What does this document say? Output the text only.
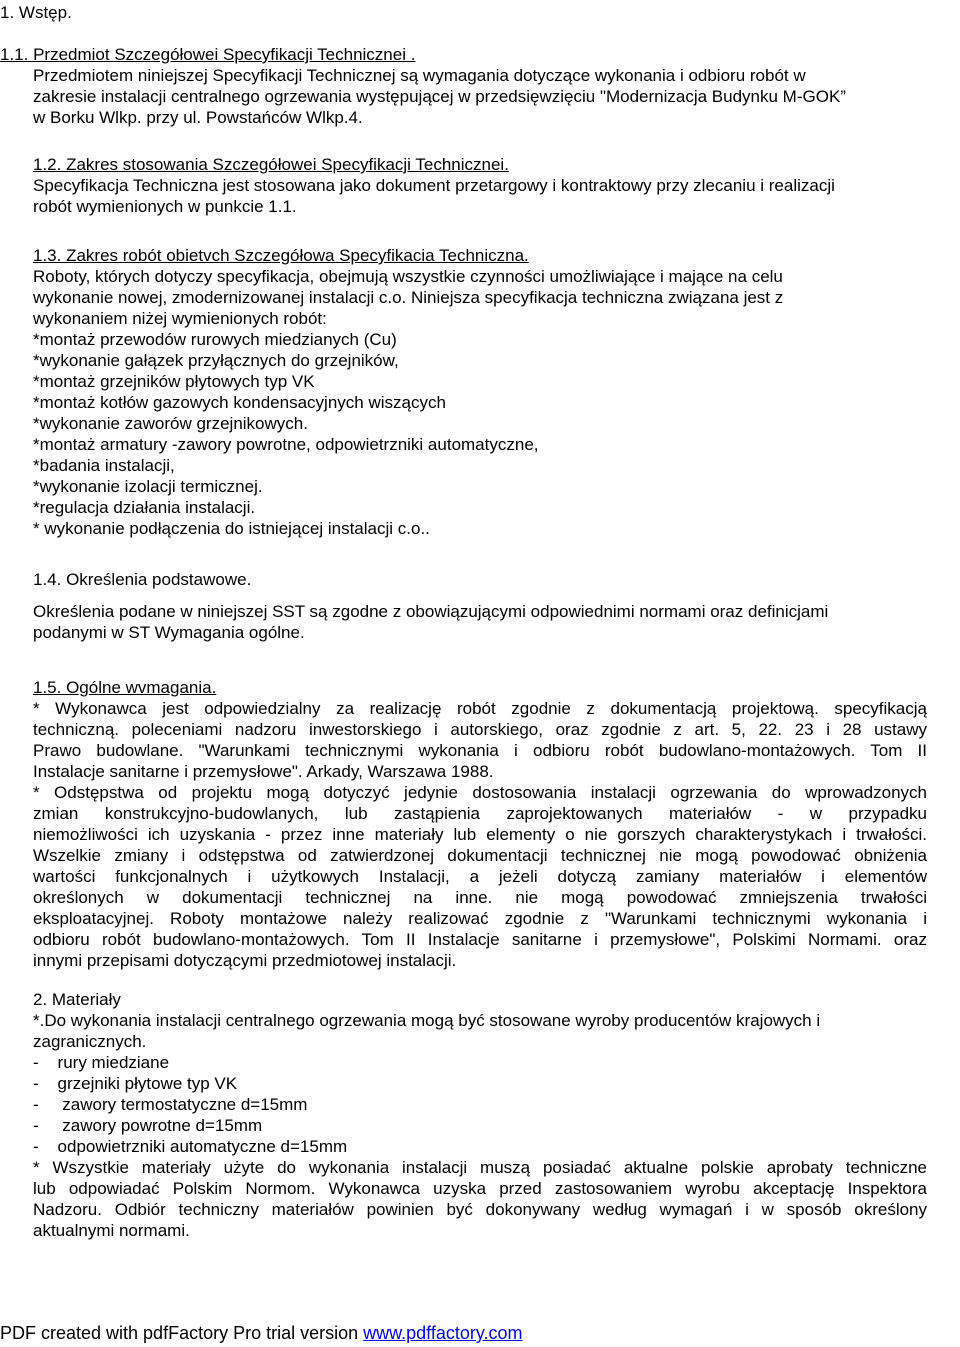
1. Wstęp.

1.1. Przedmiot Szczegółowei Specyfikacji Technicznei .

Przedmiotem niniejszej Specyfikacji Technicznej są wymagania dotyczące wykonania i odbioru robót w

zakresie instalacji centralnego ogrzewania występującej w przedsięwzięciu "Modernizacja Budynku M-GOK”

w Borku Wlkp. przy ul. Powstańców Wlkp.4.

1.2. Zakres stosowania Szczegółowei Specyfikacji Technicznei.

Specyfikacja Techniczna jest stosowana jako dokument przetargowy i kontraktowy przy zlecaniu i realizacji

robót wymienionych w punkcie 1.1.

1.3. Zakres robót obietvch Szczegółowa Specyfikacia Techniczna.

Roboty, których dotyczy specyfikacja, obejmują wszystkie czynności umożliwiające i mające na celu

wykonanie nowej, zmodernizowanej instalacji c.o. Niniejsza specyfikacja techniczna związana jest z

wykonaniem niżej wymienionych robót:

*montaż przewodów rurowych miedzianych (Cu)

*wykonanie gałązek przyłącznych do grzejników,

*montaż grzejników płytowych typ VK

*montaż kotłów gazowych kondensacyjnych wiszących

*wykonanie zaworów grzejnikowych.

*montaż armatury -zawory powrotne, odpowietrzniki automatyczne,

*badania instalacji,

*wykonanie izolacji termicznej.

*regulacja działania instalacji.

* wykonanie podłączenia do istniejącej instalacji c.o..

1.4. Określenia podstawowe.

Określenia podane w niniejszej SST są zgodne z obowiązującymi odpowiednimi normami oraz definicjami

podanymi w ST Wymagania ogólne.

1.5. Ogólne wvmagania.

* Wykonawca jest odpowiedzialny za realizację robót zgodnie z dokumentacją projektową. specyfikacją

techniczną. poleceniami nadzoru inwestorskiego i autorskiego, oraz zgodnie z art. 5, 22. 23 i 28 ustawy

Prawo budowlane. "Warunkami technicznymi wykonania i odbioru robót budowlano-montażowych. Tom II

Instalacje sanitarne i przemysłowe". Arkady, Warszawa 1988.

* Odstępstwa od projektu mogą dotyczyć jedynie dostosowania instalacji ogrzewania do wprowadzonych

zmian konstrukcyjno-budowlanych, lub zastąpienia zaprojektowanych materiałów - w przypadku

niemożliwości ich uzyskania - przez inne materiały lub elementy o nie gorszych charakterystykach i trwałości.

Wszelkie zmiany i odstępstwa od zatwierdzonej dokumentacji technicznej nie mogą powodować obniżenia

wartości funkcjonalnych i użytkowych Instalacji, a jeżeli dotyczą zamiany materiałów i elementów

określonych w dokumentacji technicznej na inne. nie mogą powodować zmniejszenia trwałości

eksploatacyjnej. Roboty montażowe należy realizować zgodnie z "Warunkami technicznymi wykonania i

odbioru robót budowlano-montażowych. Tom II Instalacje sanitarne i przemysłowe", Polskimi Normami. oraz

innymi przepisami dotyczącymi przedmiotowej instalacji.

2. Materiały

*.Do wykonania instalacji centralnego ogrzewania mogą być stosowane wyroby producentów krajowych i

zagranicznych.

-    rury miedziane

-    grzejniki płytowe typ VK

-     zawory termostatyczne d=15mm

-     zawory powrotne d=15mm

-    odpowietrzniki automatyczne d=15mm

* Wszystkie materiały użyte do wykonania instalacji muszą posiadać aktualne polskie aprobaty techniczne

lub odpowiadać Polskim Normom. Wykonawca uzyska przed zastosowaniem wyrobu akceptację Inspektora

Nadzoru. Odbiór techniczny materiałów powinien być dokonywany według wymagań i w sposób określony

aktualnymi normami.

PDF created with pdfFactory Pro trial version www.pdffactory.com
